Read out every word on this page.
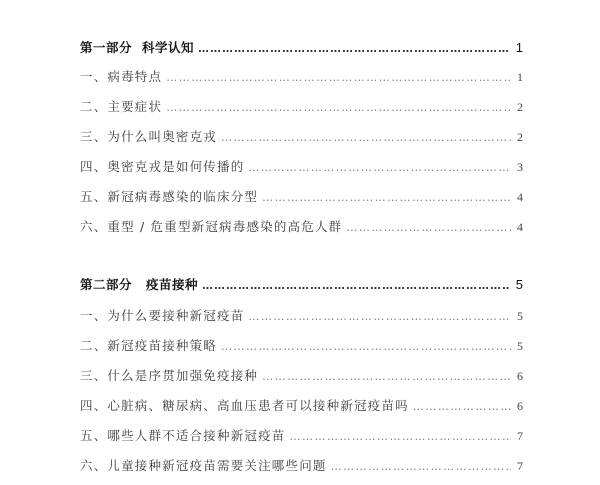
第一部分 科学认知 ……………………………………………………………………………………………………………………………………………	1
一、病毒特点 ……………………………………………………………………………………………………………………………………………	1
二、主要症状 ……………………………………………………………………………………………………………………………………………	2
三、为什么叫奥密克戎 ……………………………………………………………………………………………………………………………………………	2
四、奥密克戎是如何传播的 ……………………………………………………………………………………………………………………………………………	3
五、新冠病毒感染的临床分型 ……………………………………………………………………………………………………………………………………………	4
六、重型 / 危重型新冠病毒感染的高危人群 ……………………………………………………………………………………………………………………………………………	4
第二部分 疫苗接种 ……………………………………………………………………………………………………………………………………………	5
一、为什么要接种新冠疫苗 ……………………………………………………………………………………………………………………………………………	5
二、新冠疫苗接种策略 ……………………………………………………………………………………………………………………………………………	5
三、什么是序贯加强免疫接种 ……………………………………………………………………………………………………………………………………………	6
四、心脏病、糖尿病、高血压患者可以接种新冠疫苗吗 ……………………………………………………………………………………………………………………………………………	6
五、哪些人群不适合接种新冠疫苗 ……………………………………………………………………………………………………………………………………………	7
六、儿童接种新冠疫苗需要关注哪些问题 ……………………………………………………………………………………………………………………………………………	7
